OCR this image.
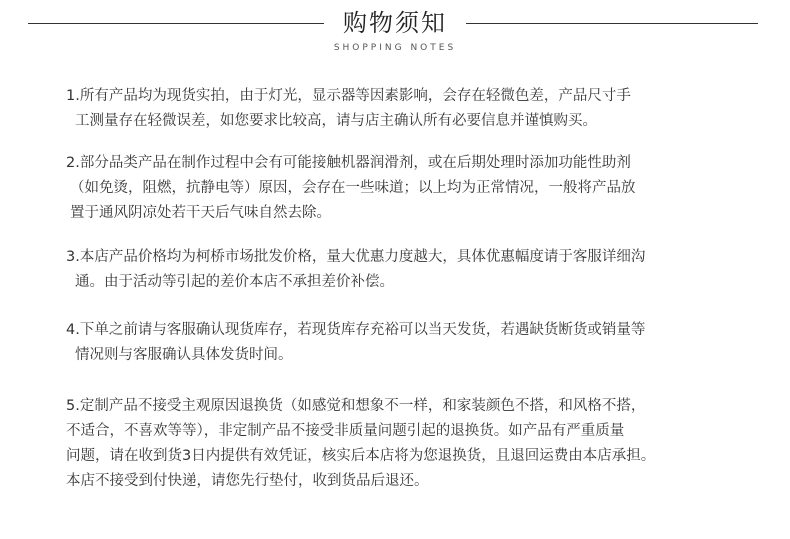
购物须知
SHOPPING NOTES
1.所有产品均为现货实拍，由于灯光，显示器等因素影响，会存在轻微色差，产品尺寸手
工测量存在轻微误差，如您要求比较高，请与店主确认所有必要信息并谨慎购买。
2.部分品类产品在制作过程中会有可能接触机器润滑剂，或在后期处理时添加功能性助剂
（如免烫，阻燃，抗静电等）原因，会存在一些味道；以上均为正常情况，一般将产品放
置于通风阴凉处若干天后气味自然去除。
3.本店产品价格均为柯桥市场批发价格，量大优惠力度越大，具体优惠幅度请于客服详细沟
通。由于活动等引起的差价本店不承担差价补偿。
4.下单之前请与客服确认现货库存，若现货库存充裕可以当天发货，若遇缺货断货或销量等
情况则与客服确认具体发货时间。
5.定制产品不接受主观原因退换货（如感觉和想象不一样，和家装颜色不搭，和风格不搭，
不适合，不喜欢等等），非定制产品不接受非质量问题引起的退换货。如产品有严重质量
问题，请在收到货3日内提供有效凭证，核实后本店将为您退换货，且退回运费由本店承担。
本店不接受到付快递，请您先行垫付，收到货品后退还。
